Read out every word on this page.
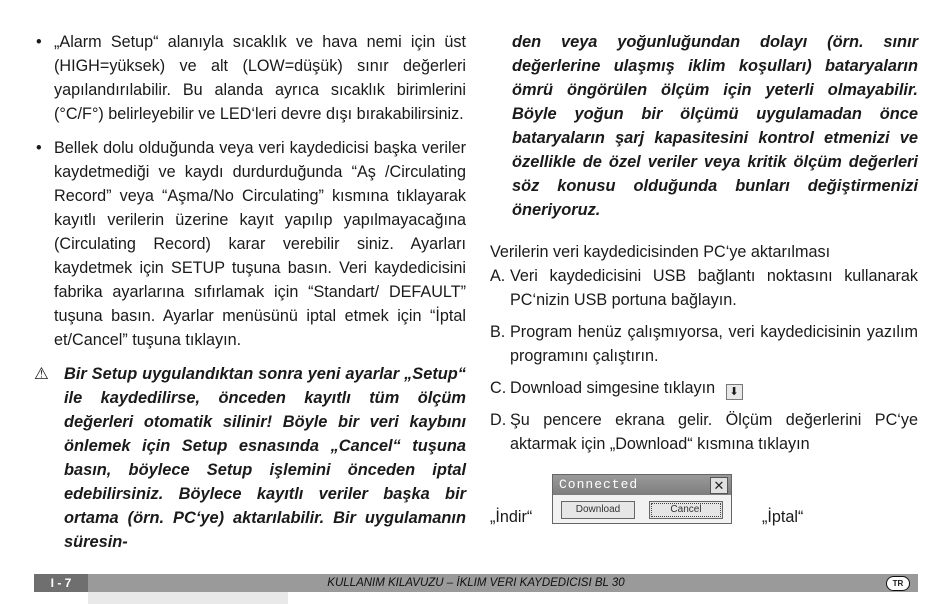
• „Alarm Setup“ alanıyla sıcaklık ve hava nemi için üst (HIGH=yüksek) ve alt (LOW=düşük) sınır değerleri yapılandırılabilir. Bu alanda ayrıca sıcaklık birimlerini (°C/F°) belirleyebilir ve LED‘leri devre dışı bırakabilirsiniz.
• Bellek dolu olduğunda veya veri kaydedicisi başka veriler kaydetmediği ve kaydı durdurduğunda “Aş /Circulating Record” veya “Aşma/No Circulating” kısmına tıklayarak kayıtlı verilerin üzerine kayıt yapılıp yapılmayacağına (Circulating Record) karar verebilir siniz. Ayarları kaydetmek için SETUP tuşuna basın. Veri kaydedicisini fabrika ayarlarına sıfırlamak için “Standart/ DEFAULT” tuşuna basın. Ayarlar menüsünü iptal etmek için “İptal et/Cancel” tuşuna tıklayın.
⚠ Bir Setup uygulandıktan sonra yeni ayarlar „Setup“ ile kaydedilirse, önceden kayıtlı tüm ölçüm değerleri otomatik silinir! Böyle bir veri kaybını önlemek için Setup esnasında „Cancel“ tuşuna basın, böylece Setup işlemini önceden iptal edebilirsiniz. Böylece kayıtlı veriler başka bir ortama (örn. PC‘ye) aktarılabilir. Bir uygulamanın süresin-
den veya yoğunluğundan dolayı (örn. sınır değerlerine ulaşmış iklim koşulları) bataryaların ömrü öngörülen ölçüm için yeterli olmayabilir. Böyle yoğun bir ölçümü uygulamadan önce bataryaların şarj kapasitesini kontrol etmenizi ve özellikle de özel veriler veya kritik ölçüm değerleri söz konusu olduğunda bunları değiştirmenizi öneriyoruz.
Verilerin veri kaydedicisinden PC‘ye aktarılması
A. Veri kaydedicisini USB bağlantı noktasını kullanarak PC‘nizin USB portuna bağlayın.
B. Program henüz çalışmıyorsa, veri kaydedicisinin yazılım programını çalıştırın.
C. Download simgesine tıklayın ⬇
D. Şu pencere ekrana gelir. Ölçüm değerlerini PC‘ye aktarmak için „Download“ kısmına tıklayın
„İndir“
Connected	✕
Download	Cancel	„İptal“
I - 7	KULLANIM KILAVUZU – İKLIM VERI KAYDEDICISI BL 30	TR
